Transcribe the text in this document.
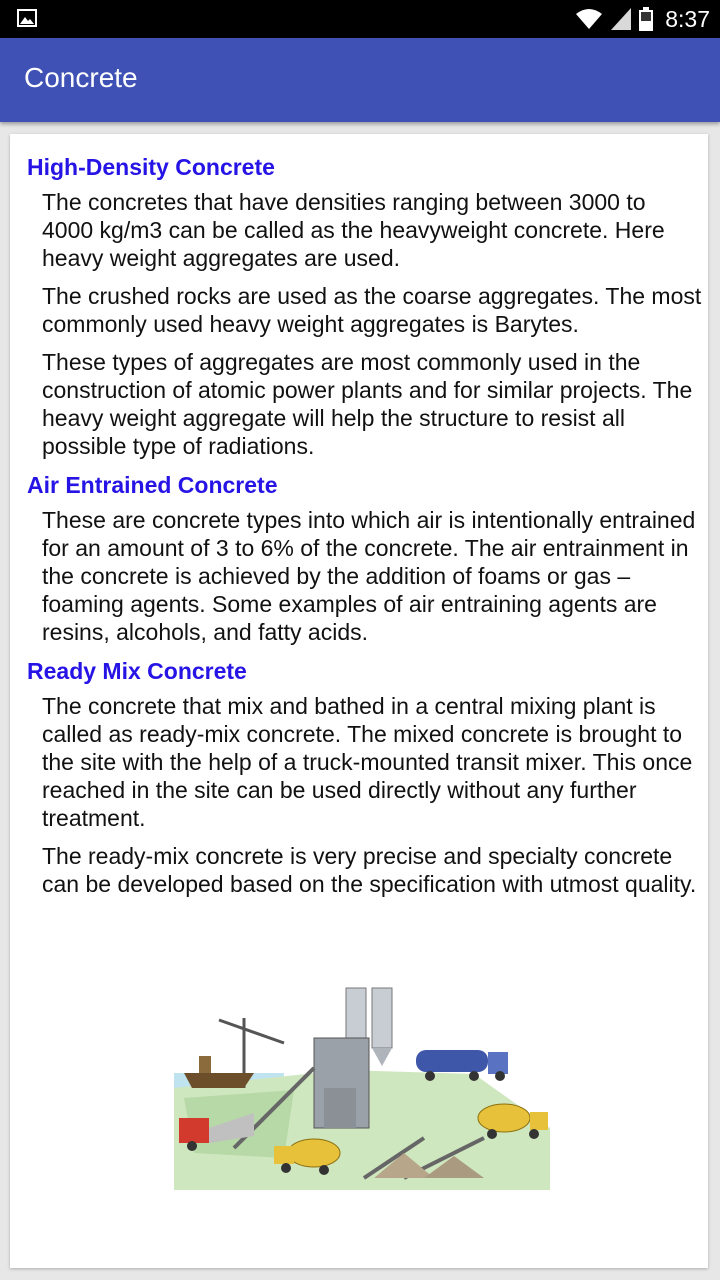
8:37
Concrete
High-Density Concrete

The concretes that have densities ranging between 3000 to 4000 kg/m3 can be called as the heavyweight concrete. Here heavy weight aggregates are used.

The crushed rocks are used as the coarse aggregates. The most commonly used heavy weight aggregates is Barytes.

These types of aggregates are most commonly used in the construction of atomic power plants and for similar projects. The heavy weight aggregate will help the structure to resist all possible type of radiations.

Air Entrained Concrete

These are concrete types into which air is intentionally entrained for an amount of 3 to 6% of the concrete. The air entrainment in the concrete is achieved by the addition of foams or gas – foaming agents. Some examples of air entraining agents are resins, alcohols, and fatty acids.

Ready Mix Concrete

The concrete that mix and bathed in a central mixing plant is called as ready-mix concrete. The mixed concrete is brought to the site with the help of a truck-mounted transit mixer. This once reached in the site can be used directly without any further treatment.

The ready-mix concrete is very precise and specialty concrete can be developed based on the specification with utmost quality.
